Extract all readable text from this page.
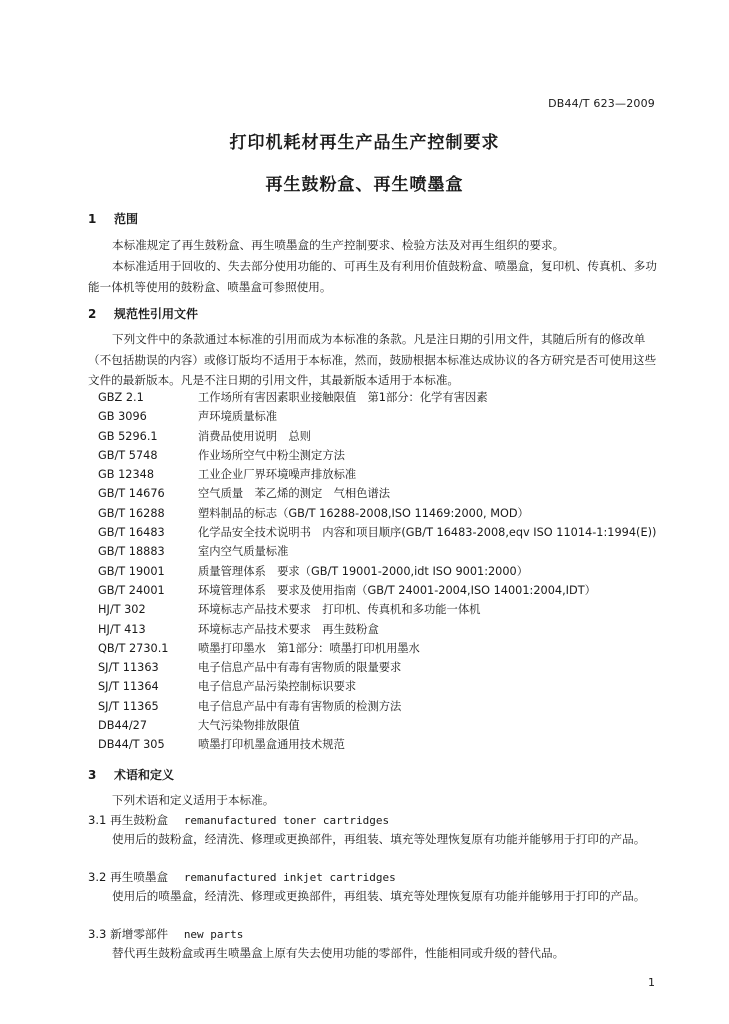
DB44/T 623—2009
打印机耗材再生产品生产控制要求
再生鼓粉盒、再生喷墨盒
1 范围
本标准规定了再生鼓粉盒、再生喷墨盒的生产控制要求、检验方法及对再生组织的要求。
本标准适用于回收的、失去部分使用功能的、可再生及有利用价值鼓粉盒、喷墨盒，复印机、传真机、多功能一体机等使用的鼓粉盒、喷墨盒可参照使用。
2 规范性引用文件
下列文件中的条款通过本标准的引用而成为本标准的条款。凡是注日期的引用文件，其随后所有的修改单（不包括勘误的内容）或修订版均不适用于本标准，然而，鼓励根据本标准达成协议的各方研究是否可使用这些文件的最新版本。凡是不注日期的引用文件，其最新版本适用于本标准。
GBZ 2.1	工作场所有害因素职业接触限值　第1部分：化学有害因素
GB 3096	声环境质量标准
GB 5296.1	消费品使用说明　总则
GB/T 5748	作业场所空气中粉尘测定方法
GB 12348	工业企业厂界环境噪声排放标准
GB/T 14676	空气质量　苯乙烯的测定　气相色谱法
GB/T 16288	塑料制品的标志（GB/T 16288-2008,ISO 11469:2000, MOD）
GB/T 16483	化学品安全技术说明书　内容和项目顺序(GB/T 16483-2008,eqv ISO 11014-1:1994(E))
GB/T 18883	室内空气质量标准
GB/T 19001	质量管理体系　要求（GB/T 19001-2000,idt ISO 9001:2000）
GB/T 24001	环境管理体系　要求及使用指南（GB/T 24001-2004,ISO 14001:2004,IDT）
HJ/T 302	环境标志产品技术要求　打印机、传真机和多功能一体机
HJ/T 413	环境标志产品技术要求　再生鼓粉盒
QB/T 2730.1	喷墨打印墨水　第1部分：喷墨打印机用墨水
SJ/T 11363	电子信息产品中有毒有害物质的限量要求
SJ/T 11364	电子信息产品污染控制标识要求
SJ/T 11365	电子信息产品中有毒有害物质的检测方法
DB44/27	大气污染物排放限值
DB44/T 305	喷墨打印机墨盒通用技术规范
3 术语和定义
下列术语和定义适用于本标准。
3.1 再生鼓粉盒 remanufactured toner cartridges
使用后的鼓粉盒，经清洗、修理或更换部件，再组装、填充等处理恢复原有功能并能够用于打印的产品。
3.2 再生喷墨盒 remanufactured inkjet cartridges
使用后的喷墨盒，经清洗、修理或更换部件，再组装、填充等处理恢复原有功能并能够用于打印的产品。
3.3 新增零部件 new parts
替代再生鼓粉盒或再生喷墨盒上原有失去使用功能的零部件，性能相同或升级的替代品。
1
